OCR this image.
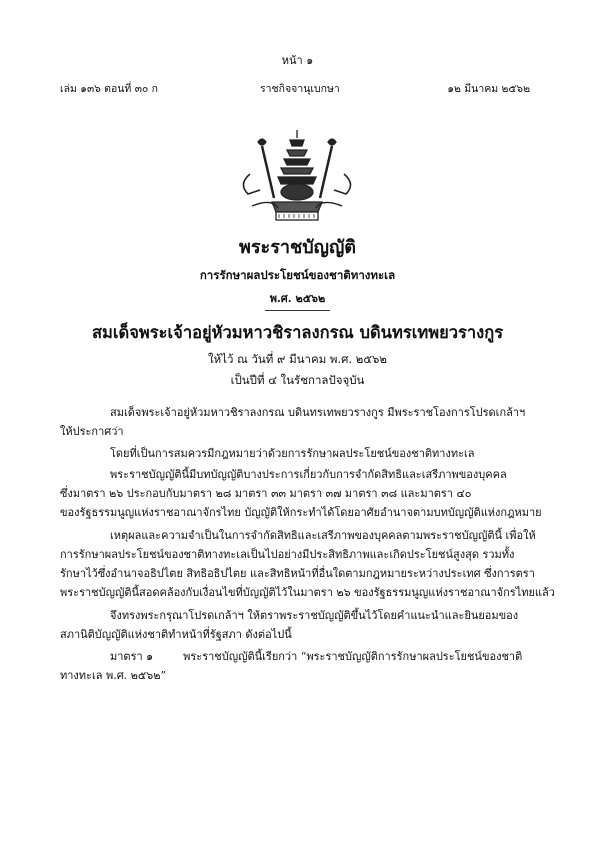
หน้า ๑
เล่ม ๑๓๖ ตอนที่ ๓๐ ก	ราชกิจจานุเบกษา	๑๒ มีนาคม ๒๕๖๒
พระราชบัญญัติ
การรักษาผลประโยชน์ของชาติทางทะเล
พ.ศ. ๒๕๖๒
สมเด็จพระเจ้าอยู่หัวมหาวชิราลงกรณ บดินทรเทพยวรางกูร
ให้ไว้ ณ วันที่ ๙ มีนาคม พ.ศ. ๒๕๖๒
เป็นปีที่ ๔ ในรัชกาลปัจจุบัน
สมเด็จพระเจ้าอยู่หัวมหาวชิราลงกรณ บดินทรเทพยวรางกูร มีพระราชโองการโปรดเกล้าฯ
ให้ประกาศว่า
โดยที่เป็นการสมควรมีกฎหมายว่าด้วยการรักษาผลประโยชน์ของชาติทางทะเล
พระราชบัญญัตินี้มีบทบัญญัติบางประการเกี่ยวกับการจำกัดสิทธิและเสรีภาพของบุคคล
ซึ่งมาตรา ๒๖ ประกอบกับมาตรา ๒๘ มาตรา ๓๓ มาตรา ๓๗ มาตรา ๓๘ และมาตรา ๔๐
ของรัฐธรรมนูญแห่งราชอาณาจักรไทย บัญญัติให้กระทำได้โดยอาศัยอำนาจตามบทบัญญัติแห่งกฎหมาย
เหตุผลและความจำเป็นในการจำกัดสิทธิและเสรีภาพของบุคคลตามพระราชบัญญัตินี้ เพื่อให้
การรักษาผลประโยชน์ของชาติทางทะเลเป็นไปอย่างมีประสิทธิภาพและเกิดประโยชน์สูงสุด รวมทั้ง
รักษาไว้ซึ่งอำนาจอธิปไตย สิทธิอธิปไตย และสิทธิหน้าที่อื่นใดตามกฎหมายระหว่างประเทศ ซึ่งการตรา
พระราชบัญญัตินี้สอดคล้องกับเงื่อนไขที่บัญญัติไว้ในมาตรา ๒๖ ของรัฐธรรมนูญแห่งราชอาณาจักรไทยแล้ว
จึงทรงพระกรุณาโปรดเกล้าฯ ให้ตราพระราชบัญญัติขึ้นไว้โดยคำแนะนำและยินยอมของ
สภานิติบัญญัติแห่งชาติทำหน้าที่รัฐสภา ดังต่อไปนี้
มาตรา ๑	พระราชบัญญัตินี้เรียกว่า “พระราชบัญญัติการรักษาผลประโยชน์ของชาติ
ทางทะเล พ.ศ. ๒๕๖๒”
